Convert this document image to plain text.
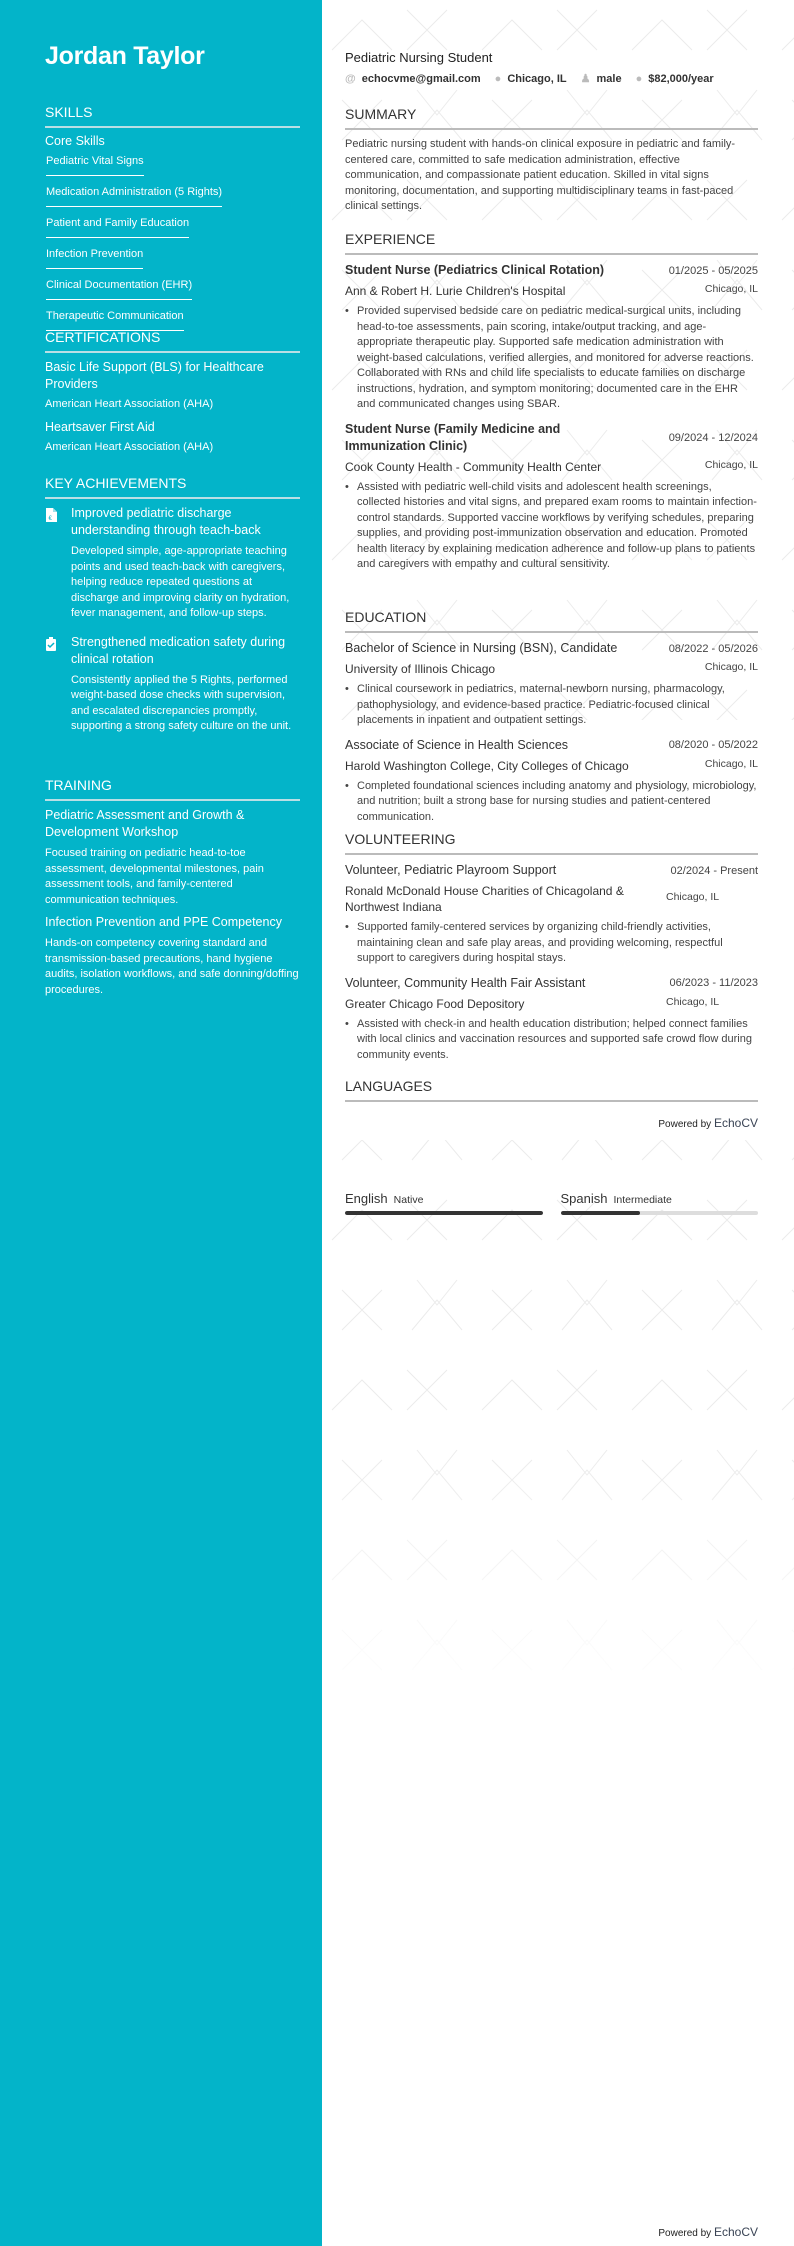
Jordan Taylor
SKILLS
Core Skills
Pediatric Vital Signs
Medication Administration (5 Rights)
Patient and Family Education
Infection Prevention
Clinical Documentation (EHR)
Therapeutic Communication
CERTIFICATIONS
Basic Life Support (BLS) for Healthcare Providers
American Heart Association (AHA)
Heartsaver First Aid
American Heart Association (AHA)
KEY ACHIEVEMENTS
€ Improved pediatric discharge understanding through teach-back
Developed simple, age-appropriate teaching points and used teach-back with caregivers, helping reduce repeated questions at discharge and improving clarity on hydration, fever management, and follow-up steps.
Strengthened medication safety during clinical rotation
Consistently applied the 5 Rights, performed weight-based dose checks with supervision, and escalated discrepancies promptly, supporting a strong safety culture on the unit.
TRAINING
Pediatric Assessment and Growth & Development Workshop
Focused training on pediatric head-to-toe assessment, developmental milestones, pain assessment tools, and family-centered communication techniques.
Infection Prevention and PPE Competency
Hands-on competency covering standard and transmission-based precautions, hand hygiene audits, isolation workflows, and safe donning/doffing procedures.
Pediatric Nursing Student
@ echocvme@gmail.com ● Chicago, IL ♟ male ● $82,000/year
SUMMARY
Pediatric nursing student with hands-on clinical exposure in pediatric and family-centered care, committed to safe medication administration, effective communication, and compassionate patient education. Skilled in vital signs monitoring, documentation, and supporting multidisciplinary teams in fast-paced clinical settings.
EXPERIENCE
Student Nurse (Pediatrics Clinical Rotation)	01/2025 - 05/2025
Ann & Robert H. Lurie Children's Hospital	Chicago, IL
• Provided supervised bedside care on pediatric medical-surgical units, including head-to-toe assessments, pain scoring, intake/output tracking, and age-appropriate therapeutic play. Supported safe medication administration with weight-based calculations, verified allergies, and monitored for adverse reactions. Collaborated with RNs and child life specialists to educate families on discharge instructions, hydration, and symptom monitoring; documented care in the EHR and communicated changes using SBAR.
Student Nurse (Family Medicine and Immunization Clinic)
09/2024 - 12/2024
Cook County Health - Community Health Center	Chicago, IL
• Assisted with pediatric well-child visits and adolescent health screenings, collected histories and vital signs, and prepared exam rooms to maintain infection-control standards. Supported vaccine workflows by verifying schedules, preparing supplies, and providing post-immunization observation and education. Promoted health literacy by explaining medication adherence and follow-up plans to patients and caregivers with empathy and cultural sensitivity.
EDUCATION
Bachelor of Science in Nursing (BSN), Candidate	08/2022 - 05/2026
University of Illinois Chicago	Chicago, IL
• Clinical coursework in pediatrics, maternal-newborn nursing, pharmacology, pathophysiology, and evidence-based practice. Pediatric-focused clinical placements in inpatient and outpatient settings.
Associate of Science in Health Sciences	08/2020 - 05/2022
Harold Washington College, City Colleges of Chicago	Chicago, IL
• Completed foundational sciences including anatomy and physiology, microbiology, and nutrition; built a strong base for nursing studies and patient-centered communication.
VOLUNTEERING
Volunteer, Pediatric Playroom Support	02/2024 - Present
Ronald McDonald House Charities of Chicagoland & Northwest Indiana
Chicago, IL
• Supported family-centered services by organizing child-friendly activities, maintaining clean and safe play areas, and providing welcoming, respectful support to caregivers during hospital stays.
Volunteer, Community Health Fair Assistant	06/2023 - 11/2023
Greater Chicago Food Depository	Chicago, IL
• Assisted with check-in and health education distribution; helped connect families with local clinics and vaccination resources and supported safe crowd flow during community events.
LANGUAGES
Powered by EchoCV
English Native	Spanish Intermediate
Powered by EchoCV
